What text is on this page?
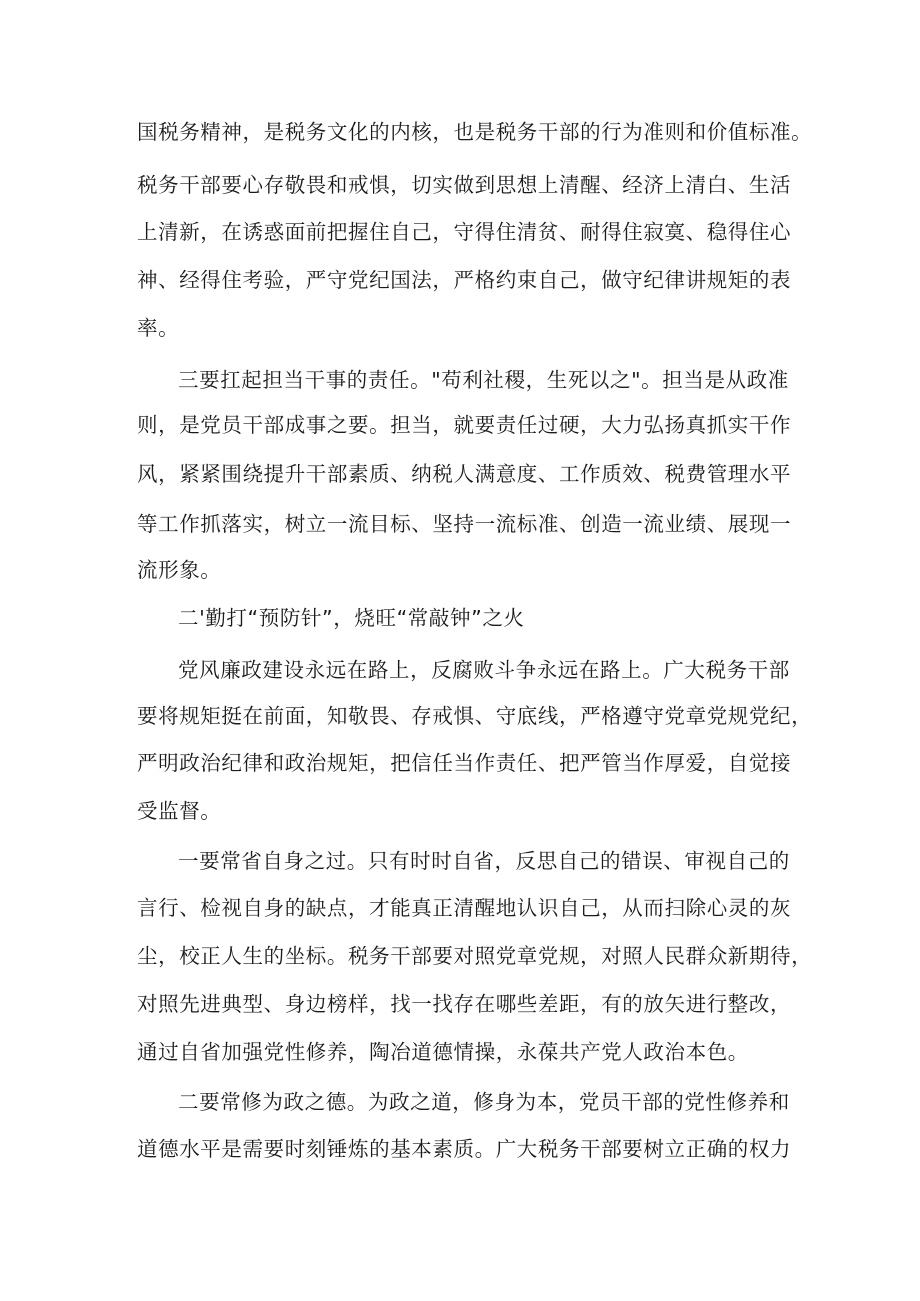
国税务精神，是税务文化的内核，也是税务干部的行为准则和价值标准。

税务干部要心存敬畏和戒惧，切实做到思想上清醒、经济上清白、生活

上清新，在诱惑面前把握住自己，守得住清贫、耐得住寂寞、稳得住心

神、经得住考验，严守党纪国法，严格约束自己，做守纪律讲规矩的表

率。

三要扛起担当干事的责任。"苟利社稷，生死以之"。担当是从政准

则，是党员干部成事之要。担当，就要责任过硬，大力弘扬真抓实干作

风，紧紧围绕提升干部素质、纳税人满意度、工作质效、税费管理水平

等工作抓落实，树立一流目标、坚持一流标准、创造一流业绩、展现一

流形象。

二'勤打“预防针”，烧旺“常敲钟”之火

党风廉政建设永远在路上，反腐败斗争永远在路上。广大税务干部

要将规矩挺在前面，知敬畏、存戒惧、守底线，严格遵守党章党规党纪，

严明政治纪律和政治规矩，把信任当作责任、把严管当作厚爱，自觉接

受监督。

一要常省自身之过。只有时时自省，反思自己的错误、审视自己的

言行、检视自身的缺点，才能真正清醒地认识自己，从而扫除心灵的灰

尘，校正人生的坐标。税务干部要对照党章党规，对照人民群众新期待，

对照先进典型、身边榜样，找一找存在哪些差距，有的放矢进行整改，

通过自省加强党性修养，陶冶道德情操，永葆共产党人政治本色。

二要常修为政之德。为政之道，修身为本，党员干部的党性修养和

道德水平是需要时刻锤炼的基本素质。广大税务干部要树立正确的权力
